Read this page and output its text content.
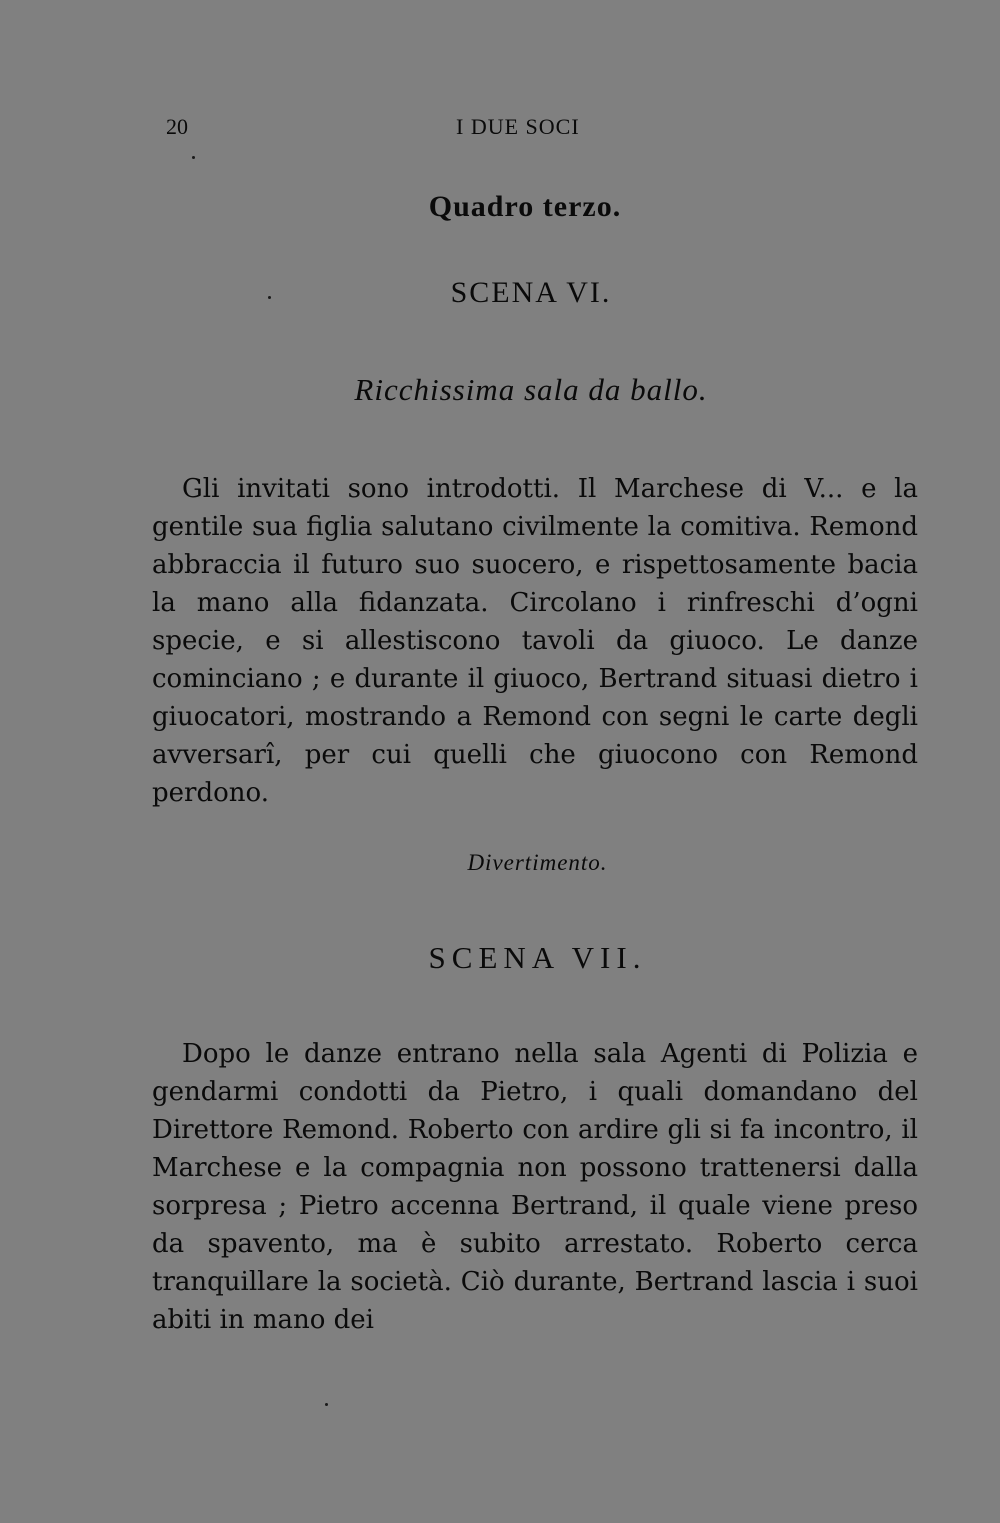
20	I DUE SOCI
Quadro terzo.
SCENA VI.
Ricchissima sala da ballo.

Gli invitati sono introdotti. Il Marchese di V... e la gentile sua figlia salutano civilmente la comitiva. Remond abbraccia il futuro suo suocero, e rispettosamente bacia la mano alla fidanzata. Circolano i rinfreschi d’ogni specie, e si allestiscono tavoli da giuoco. Le danze cominciano ; e durante il giuoco, Bertrand situasi dietro i giuocatori, mostrando a Remond con segni le carte degli avversarî, per cui quelli che giuocono con Remond perdono.

Divertimento.
SCENA VII.

Dopo le danze entrano nella sala Agenti di Polizia e gendarmi condotti da Pietro, i quali domandano del Direttore Remond. Roberto con ardire gli si fa incontro, il Marchese e la compagnia non possono trattenersi dalla sorpresa ; Pietro accenna Bertrand, il quale viene preso da spavento, ma è subito arrestato. Roberto cerca tranquillare la società. Ciò durante, Bertrand lascia i suoi abiti in mano dei
